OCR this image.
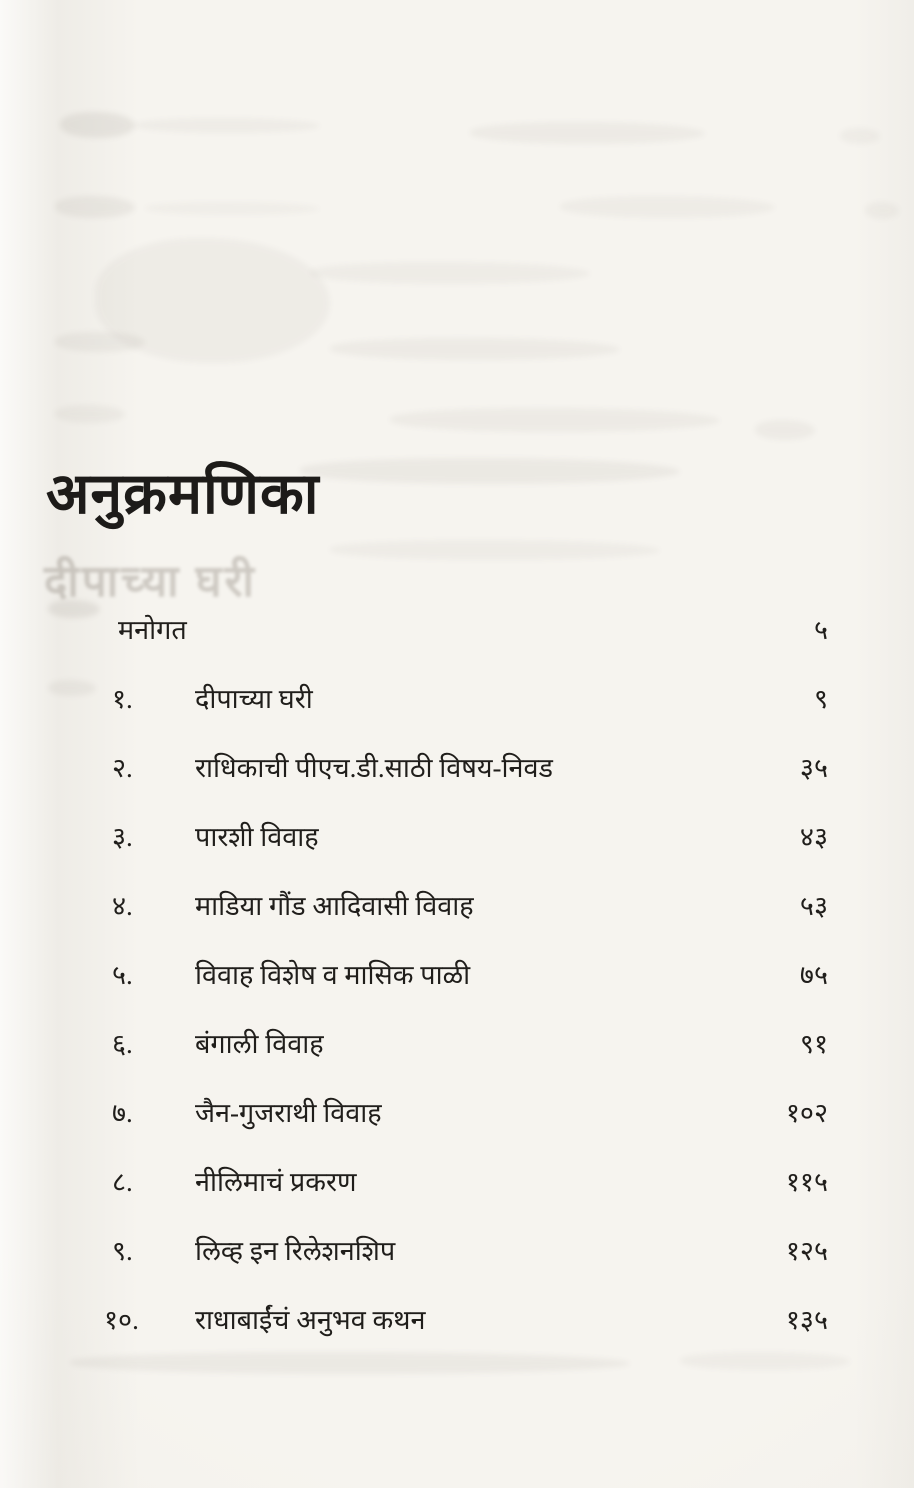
दीपाच्या घरी
अनुक्रमणिका
मनोगत	५
१.	दीपाच्या घरी	९
२.	राधिकाची पीएच.डी.साठी विषय-निवड	३५
३.	पारशी विवाह	४३
४.	माडिया गौंड आदिवासी विवाह	५३
५.	विवाह विशेष व मासिक पाळी	७५
६.	बंगाली विवाह	९१
७.	जैन-गुजराथी विवाह	१०२
८.	नीलिमाचं प्रकरण	११५
९.	लिव्ह इन रिलेशनशिप	१२५
१०.	राधाबाईंचं अनुभव कथन	१३५
